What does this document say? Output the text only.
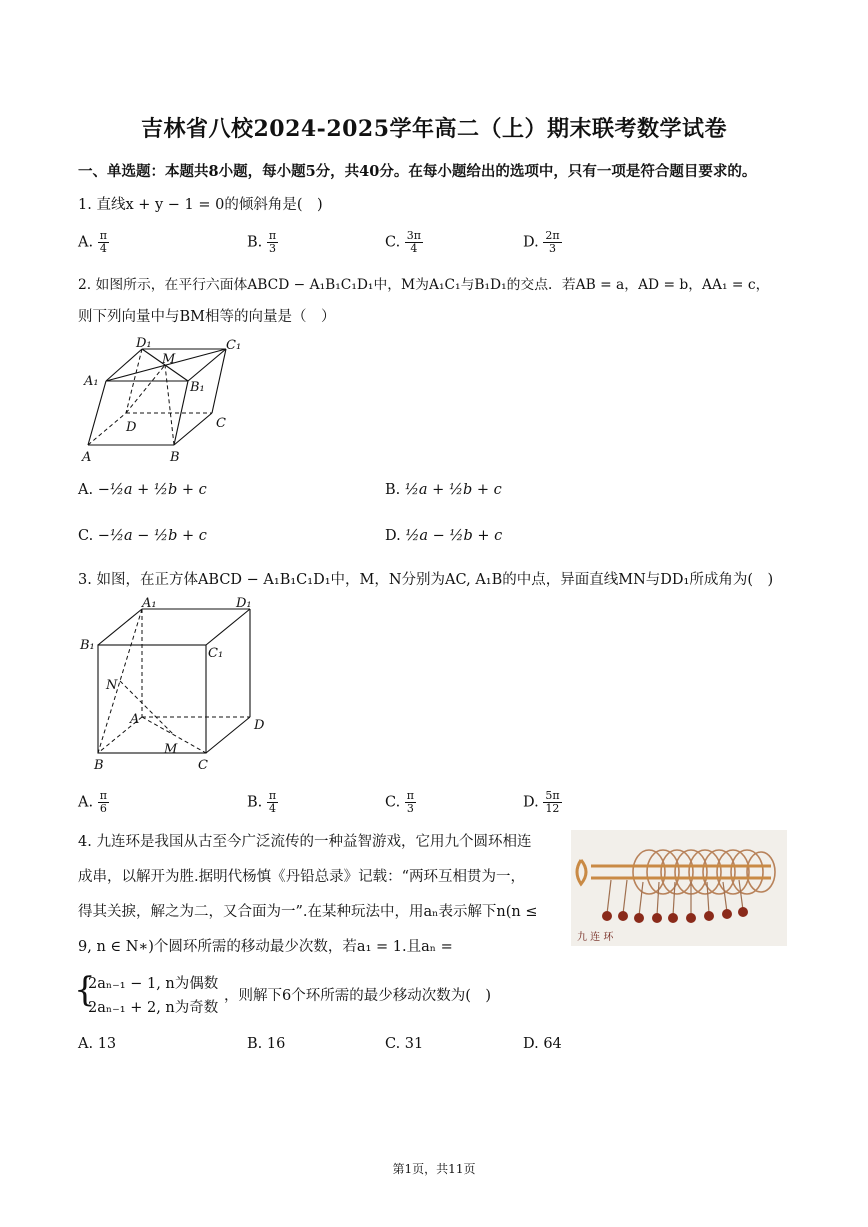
吉林省八校2024-2025学年高二（上）期末联考数学试卷
一、单选题：本题共8小题，每小题5分，共40分。在每小题给出的选项中，只有一项是符合题目要求的。
1. 直线x + y − 1 = 0的倾斜角是(　)
A. $\frac{\pi}{4}$	B. $\frac{\pi}{3}$	C. $\frac{3\pi}{4}$	D. $\frac{2\pi}{3}$
2. 如图所示，在平行六面体ABCD − A₁B₁C₁D₁中，M为A₁C₁与B₁D₁的交点．若AB = a，AD = b，AA₁ = c，
则下列向量中与BM相等的向量是（　）
D₁
M
C₁
A₁	B₁
D	C
A	B
A. −½a + ½b + c	B. ½a + ½b + c
C. −½a − ½b + c	D. ½a − ½b + c
3. 如图，在正方体ABCD − A₁B₁C₁D₁中，M，N分别为AC, A₁B的中点，异面直线MN与DD₁所成角为(　)
A₁	D₁
B₁
C₁
N
A	D
M
B	C
A. $\frac{\pi}{6}$	B. $\frac{\pi}{4}$	C. $\frac{\pi}{3}$	D. $\frac{5\pi}{12}$
4. 九连环是我国从古至今广泛流传的一种益智游戏，它用九个圆环相连
成串，以解开为胜.据明代杨慎《丹铅总录》记载：“两环互相贯为一，
得其关捩，解之为二，又合面为一”.在某种玩法中，用aₙ表示解下n(n ≤
9, n ∈ N∗)个圆环所需的移动最少次数，若a₁ = 1.且aₙ =
{
2aₙ₋₁ − 1, n为偶数
2aₙ₋₁ + 2, n为奇数
，则解下6个环所需的最少移动次数为(　)
九 连 环
A. 13	B. 16	C. 31	D. 64
第1页，共11页
